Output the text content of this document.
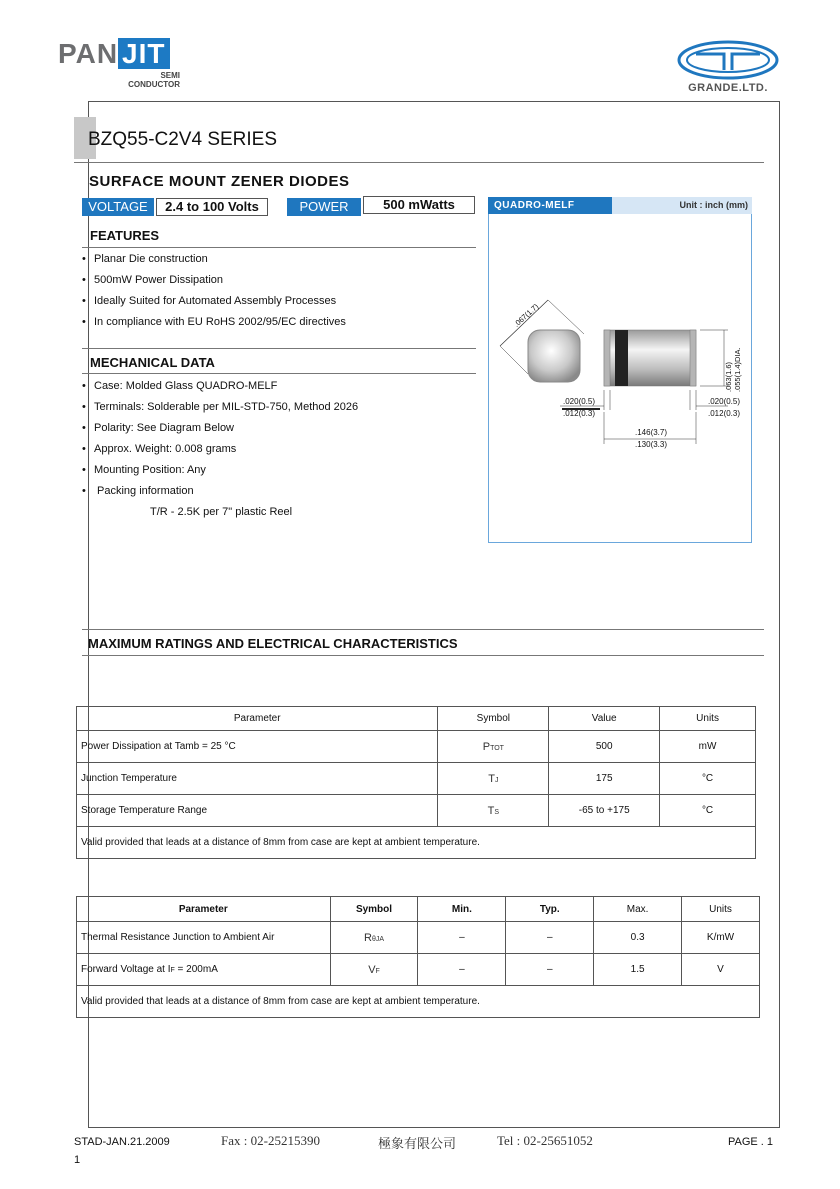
PAN JIT
SEMI
CONDUCTOR	GRANDE.LTD.
BZQ55-C2V4 SERIES
SURFACE MOUNT ZENER DIODES
VOLTAGE	2.4 to 100 Volts	POWER	500 mWatts
FEATURES
• Planar Die construction
• 500mW Power Dissipation
• Ideally Suited for Automated Assembly Processes
• In compliance with EU RoHS 2002/95/EC directives
MECHANICAL DATA
• Case: Molded Glass QUADRO-MELF
• Terminals: Solderable per MIL-STD-750, Method 2026
• Polarity: See Diagram Below
• Approx. Weight: 0.008 grams
• Mounting Position: Any
• Packing information
T/R - 2.5K per 7" plastic Reel
QUADRO-MELF	Unit : inch (mm)
.067(1.7)
.063(1.6) .055(1.4)DIA.
.020(0.5)
.012(0.3)
.020(0.5)
.012(0.3)
.146(3.7)
.130(3.3)
MAXIMUM RATINGS AND ELECTRICAL CHARACTERISTICS
Parameter	Symbol	Value	Units
Power Dissipation at Tamb = 25 °C	PTOT	500	mW
Junction Temperature	TJ	175	°C
Storage Temperature Range	TS	-65 to +175	°C
Valid provided that leads at a distance of 8mm from case are kept at ambient temperature.			
Parameter	Symbol	Min.	Typ.	Max.	Units
Thermal Resistance Junction to Ambient Air	RθJA	–	–	0.3	K/mW
Forward Voltage at IF = 200mA	VF	–	–	1.5	V
Valid provided that leads at a distance of 8mm from case are kept at ambient temperature.					
STAD-JAN.21.2009
1
Fax : 02-25215390	極象有限公司	Tel : 02-25651052	PAGE . 1
